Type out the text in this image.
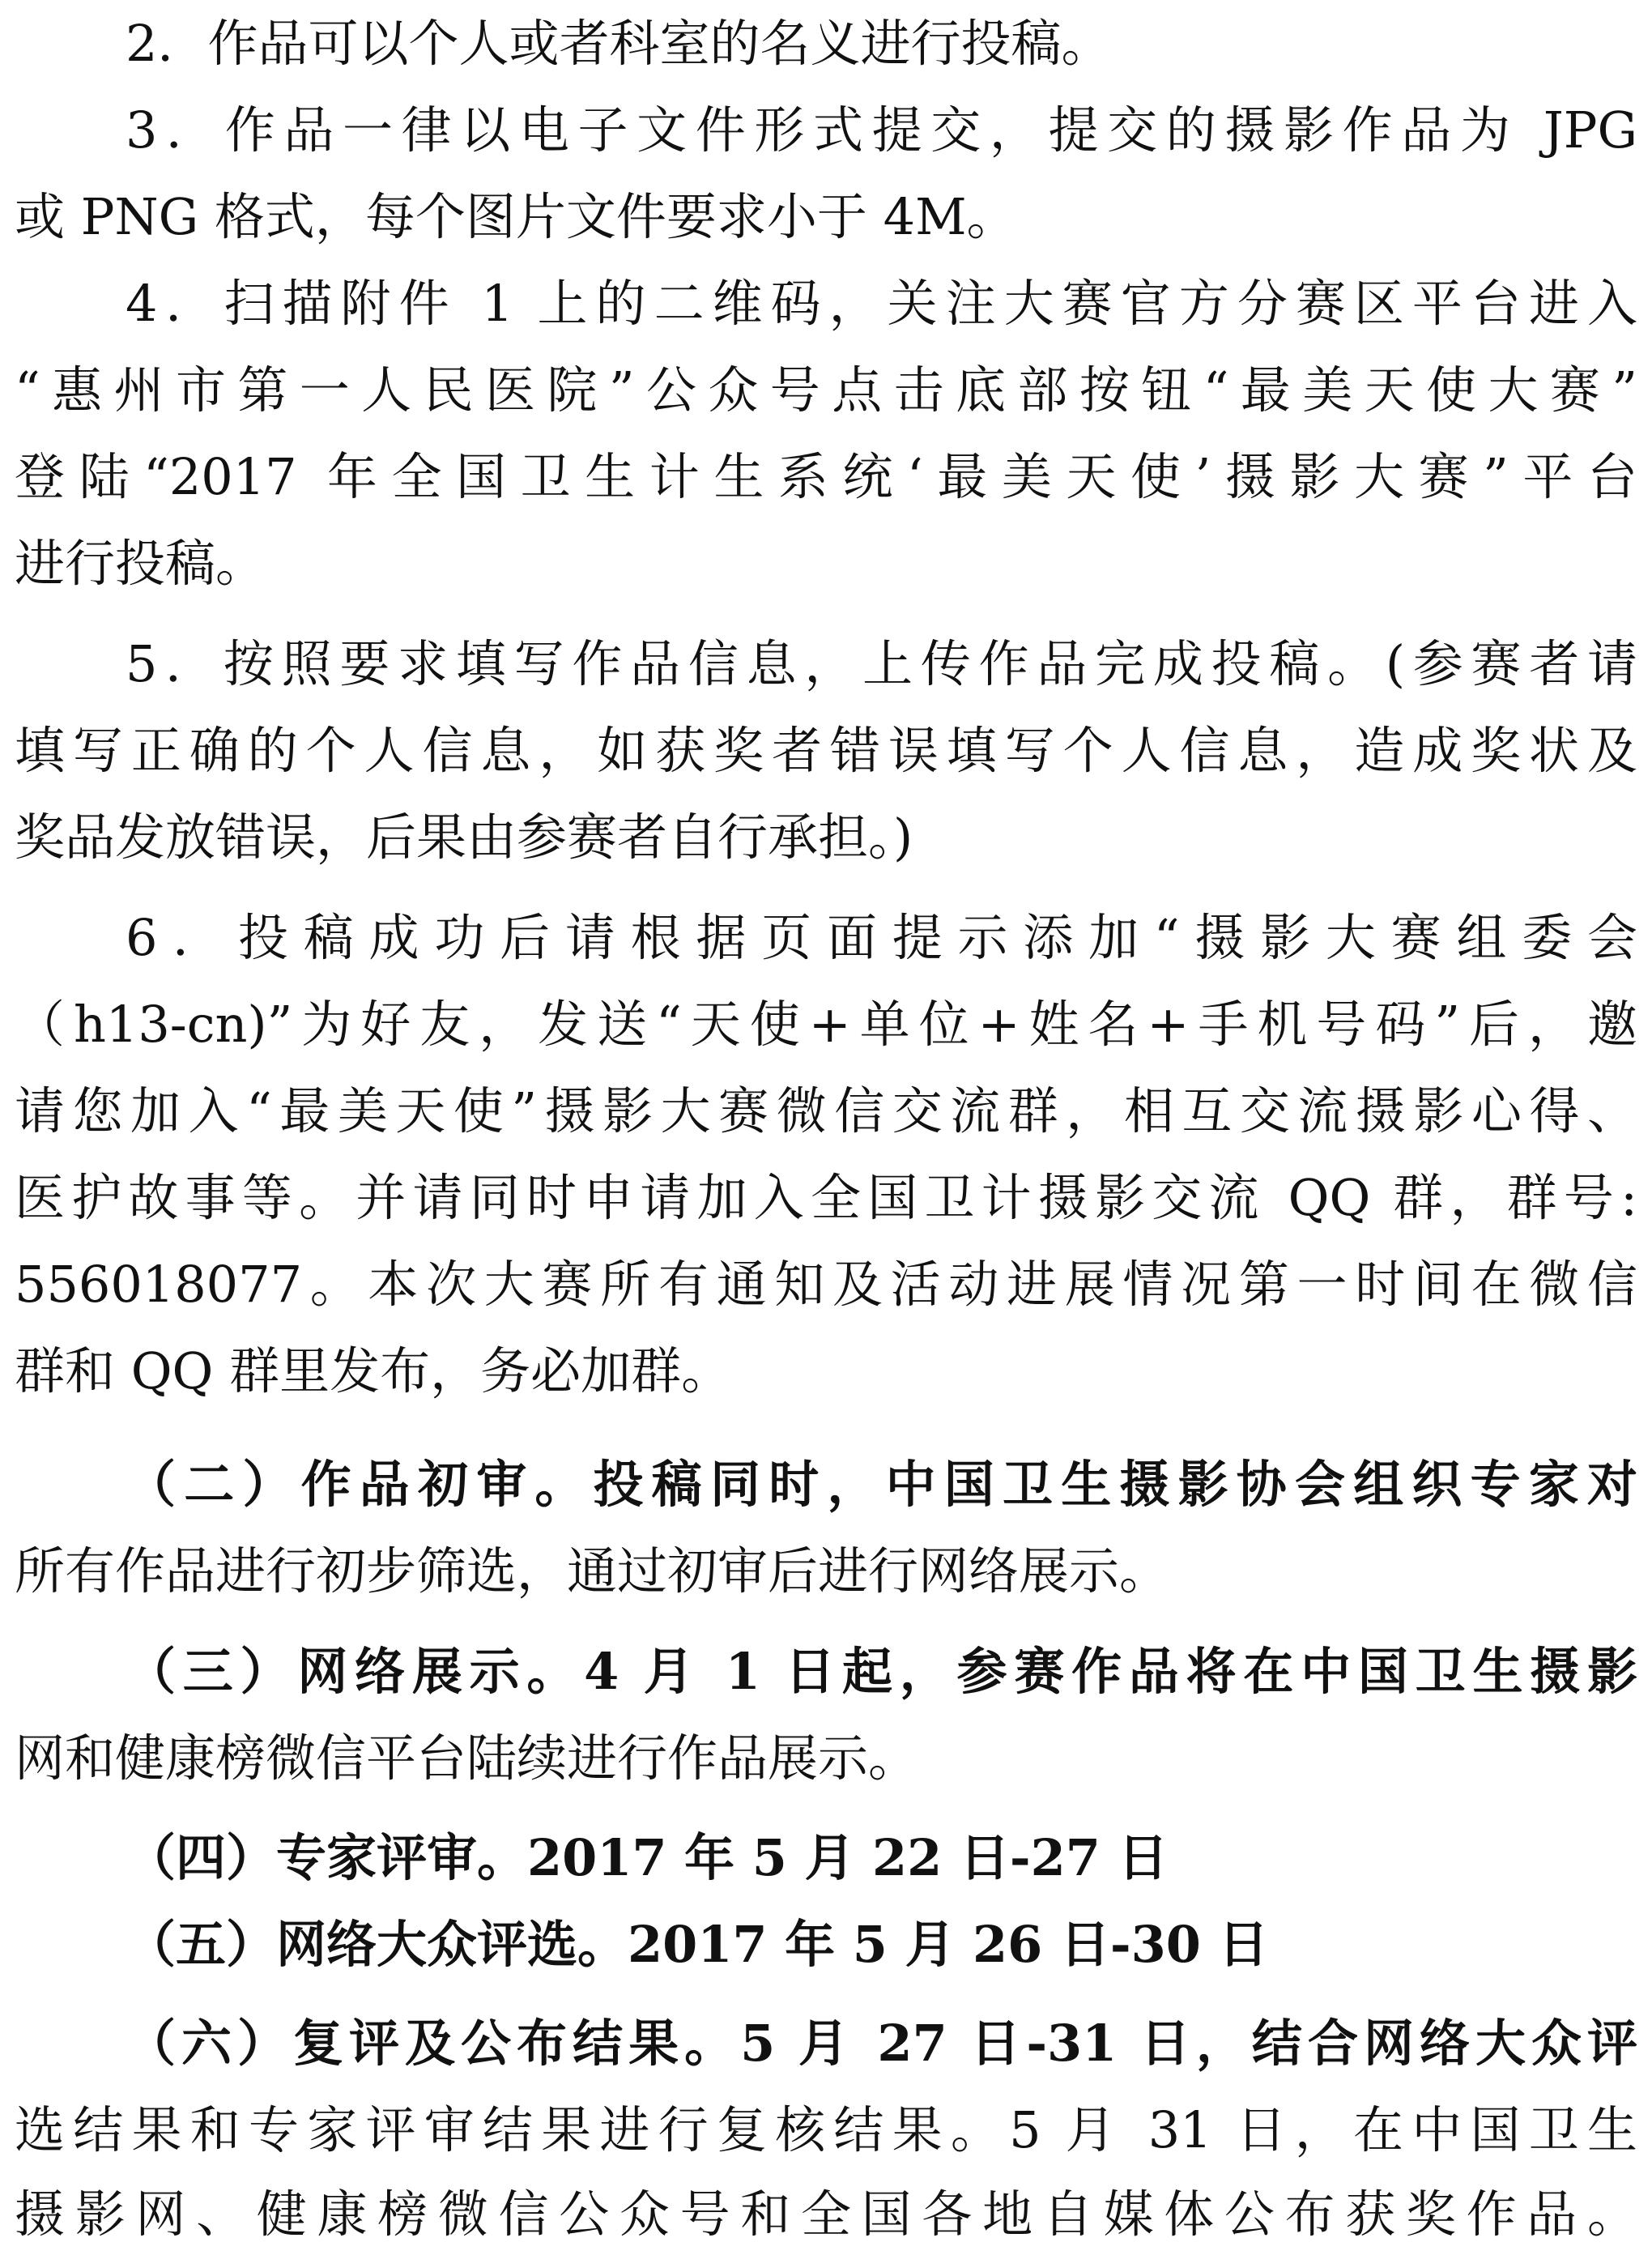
2．作品可以个人或者科室的名义进行投稿。
3．作品一律以电子文件形式提交，提交的摄影作品为 JPG
或 PNG 格式，每个图片文件要求小于 4M。
4．扫描附件 1 上的二维码，关注大赛官方分赛区平台进入
“惠州市第一人民医院”公众号点击底部按钮“最美天使大赛”
登陆“2017 年全国卫生计生系统‘最美天使’摄影大赛”平台
进行投稿。
5．按照要求填写作品信息，上传作品完成投稿。(参赛者请
填写正确的个人信息，如获奖者错误填写个人信息，造成奖状及
奖品发放错误，后果由参赛者自行承担。)
6．投稿成功后请根据页面提示添加“摄影大赛组委会
（h13-cn)”为好友，发送“天使+单位+姓名+手机号码”后，邀
请您加入“最美天使”摄影大赛微信交流群，相互交流摄影心得、
医护故事等。并请同时申请加入全国卫计摄影交流 QQ 群，群号:
556018077。本次大赛所有通知及活动进展情况第一时间在微信
群和 QQ 群里发布，务必加群。
（二）作品初审。投稿同时，中国卫生摄影协会组织专家对
所有作品进行初步筛选，通过初审后进行网络展示。
（三）网络展示。4 月 1 日起，参赛作品将在中国卫生摄影
网和健康榜微信平台陆续进行作品展示。
（四）专家评审。2017 年 5 月 22 日-27 日
（五）网络大众评选。2017 年 5 月 26 日-30 日
（六）复评及公布结果。5 月 27 日-31 日，结合网络大众评
选结果和专家评审结果进行复核结果。5 月 31 日，在中国卫生
摄影网、健康榜微信公众号和全国各地自媒体公布获奖作品。
